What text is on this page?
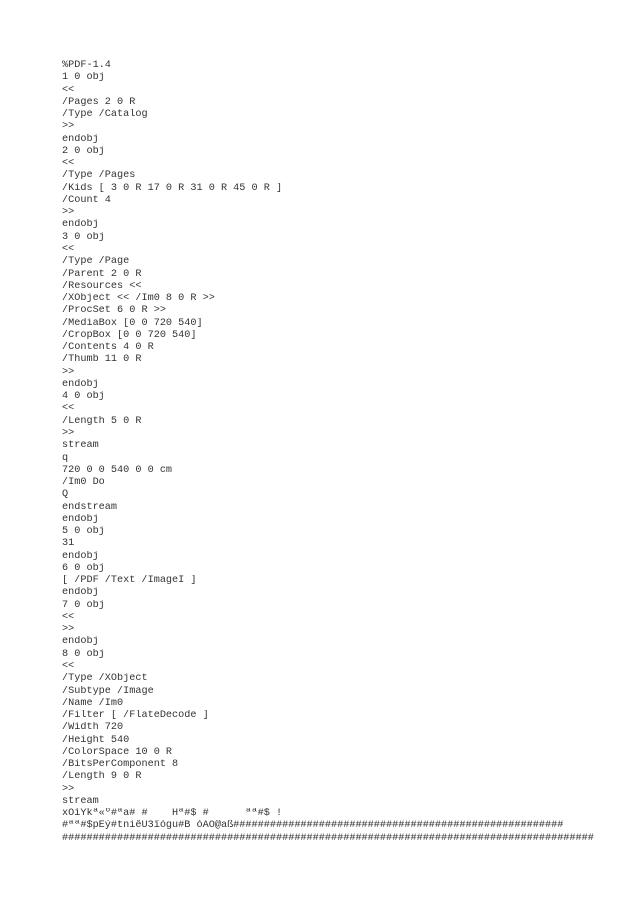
%PDF-1.4
1 0 obj
<<
/Pages 2 0 R
/Type /Catalog
>>
endobj
2 0 obj
<<
/Type /Pages
/Kids [ 3 0 R 17 0 R 31 0 R 45 0 R ]
/Count 4
>>
endobj
3 0 obj
<<
/Type /Page
/Parent 2 0 R
/Resources <<
/XObject << /Im0 8 0 R >>
/ProcSet 6 0 R >>
/MediaBox [0 0 720 540]
/CropBox [0 0 720 540]
/Contents 4 0 R
/Thumb 11 0 R
>>
endobj
4 0 obj
<<
/Length 5 0 R
>>
stream
q
720 0 0 540 0 0 cm
/Im0 Do
Q
endstream
endobj
5 0 obj
31
endobj
6 0 obj
[ /PDF /Text /ImageI ]
endobj
7 0 obj
<<
>>
endobj
8 0 obj
<<
/Type /XObject
/Subtype /Image
/Name /Im0
/Filter [ /FlateDecode ]
/Width 720
/Height 540
/ColorSpace 10 0 R
/BitsPerComponent 8
/Length 9 0 R
>>
stream
xÕìÝkª«º#ªa# #    Hª#$ #      ªª#$ !
#ªª#$pÈý#tniêÙ3ïógu#B óÀÓ@aß######################################################
#######################################################################################
